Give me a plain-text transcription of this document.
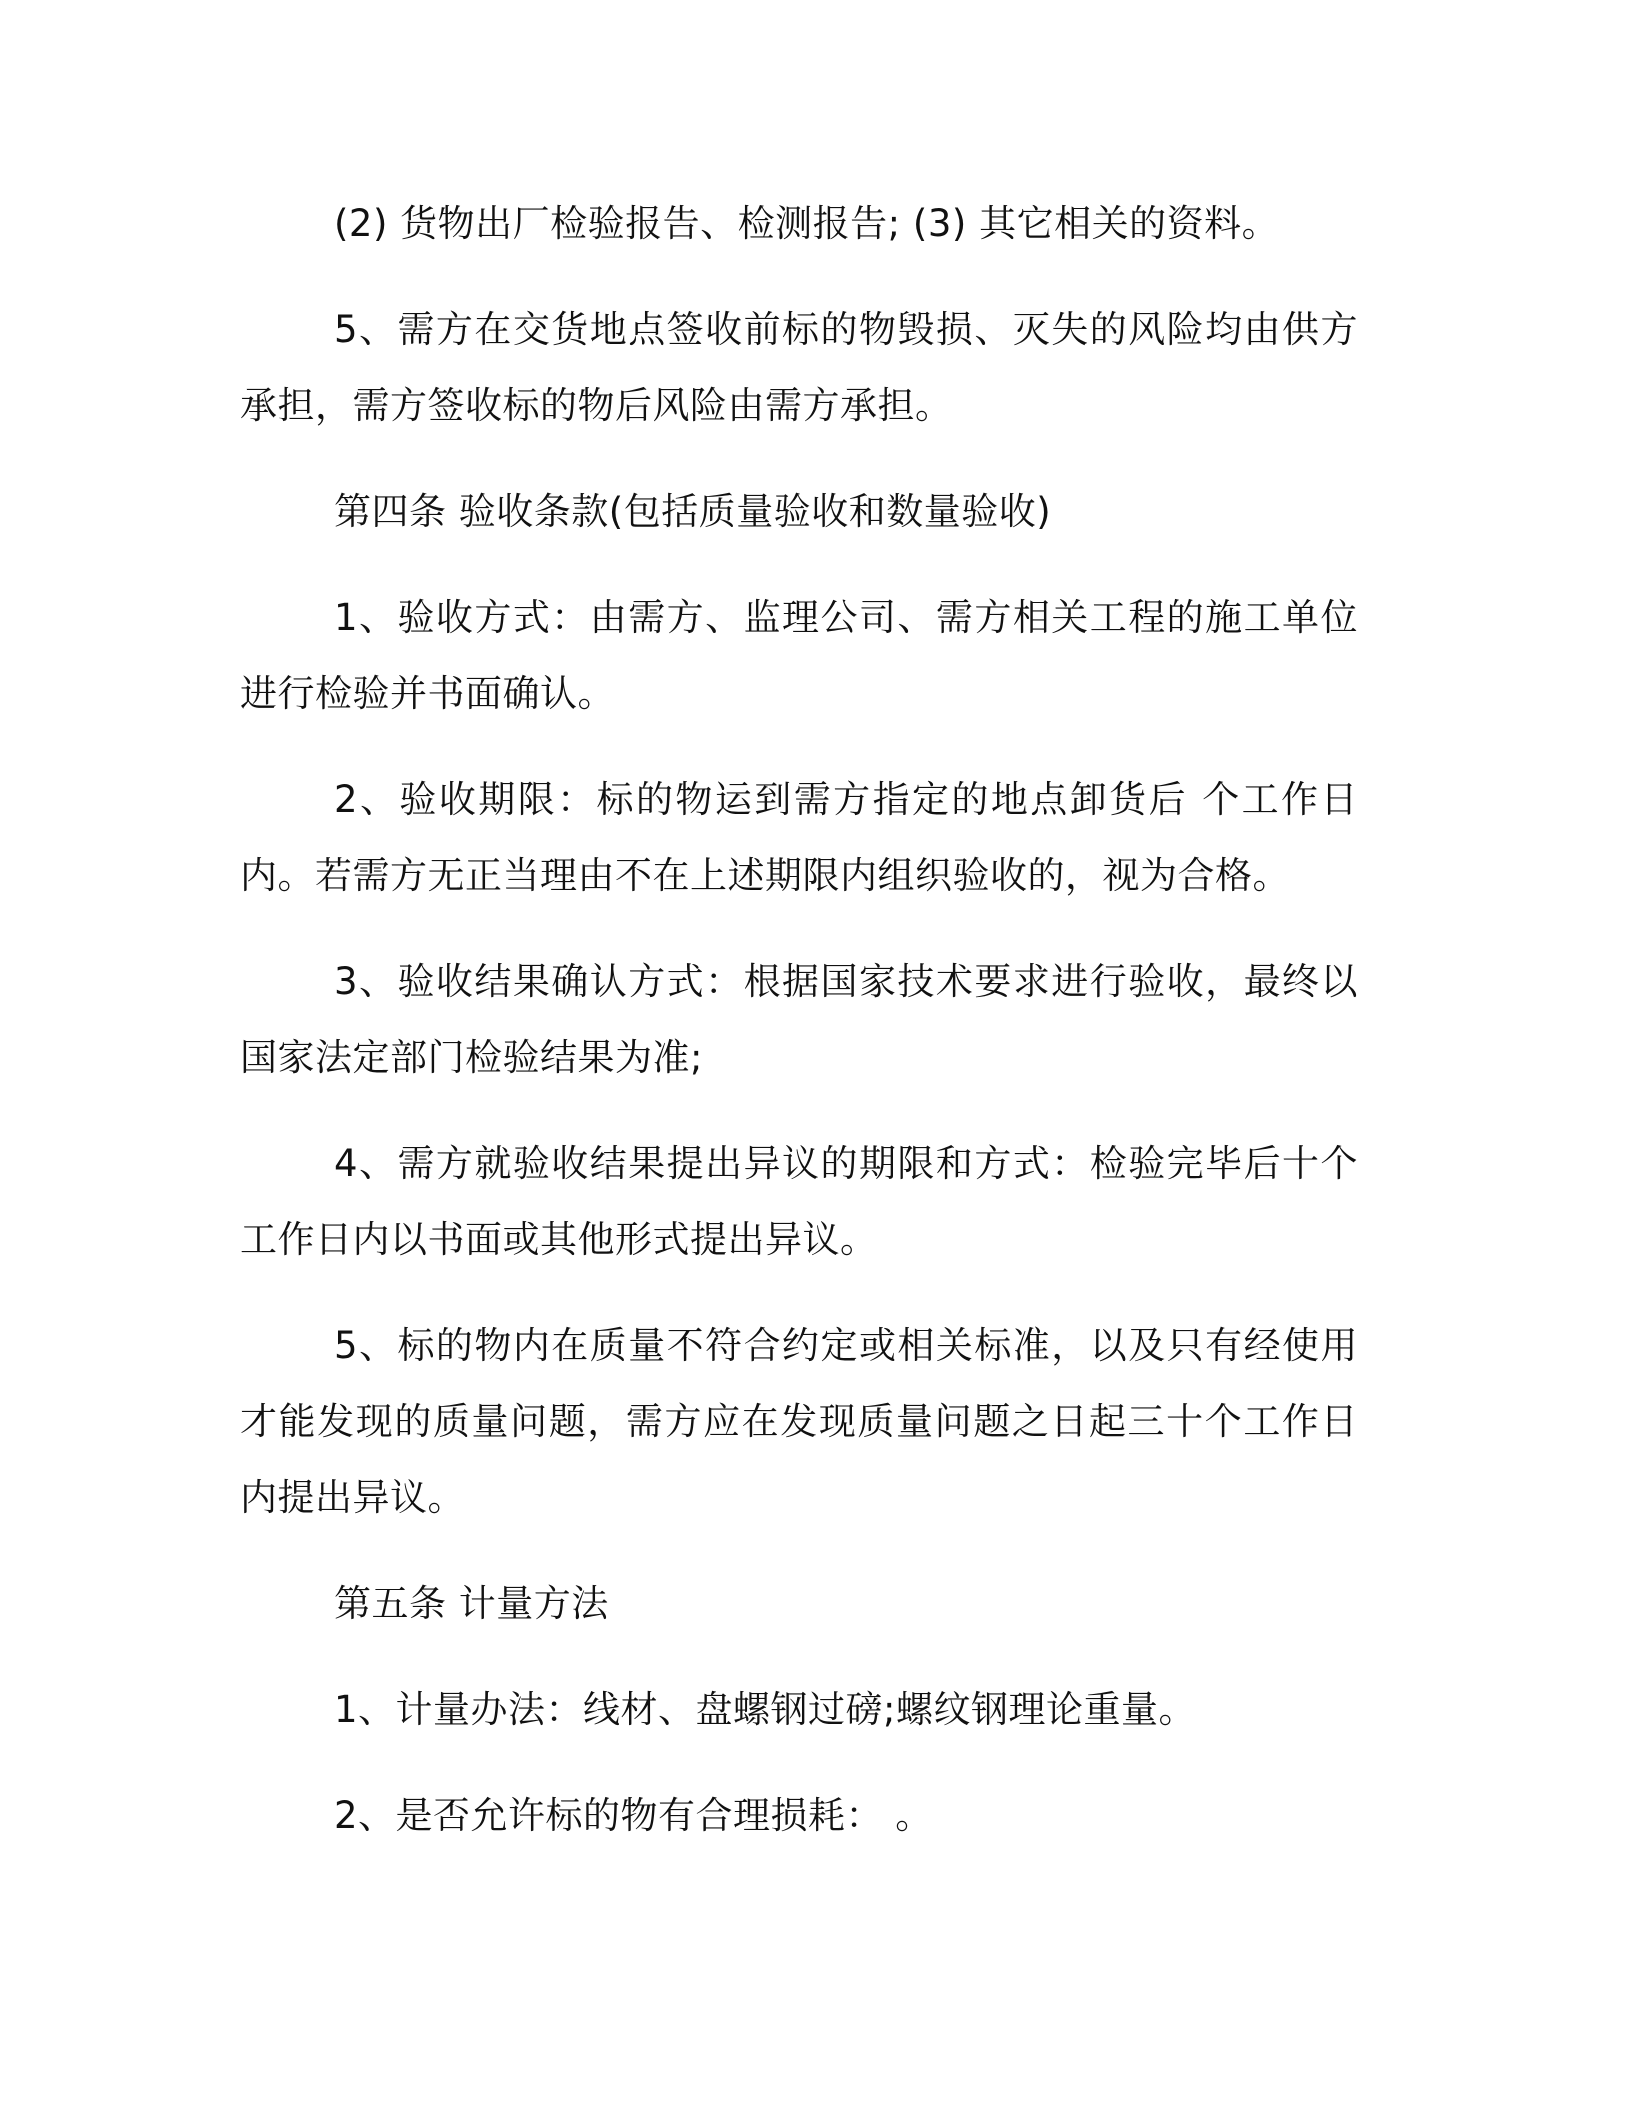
(2) 货物出厂检验报告、检测报告; (3) 其它相关的资料。

5、需方在交货地点签收前标的物毁损、灭失的风险均由供方承担，需方签收标的物后风险由需方承担。

第四条 验收条款(包括质量验收和数量验收)

1、验收方式：由需方、监理公司、需方相关工程的施工单位进行检验并书面确认。

2、验收期限：标的物运到需方指定的地点卸货后 个工作日内。若需方无正当理由不在上述期限内组织验收的，视为合格。

3、验收结果确认方式：根据国家技术要求进行验收，最终以国家法定部门检验结果为准;

4、需方就验收结果提出异议的期限和方式：检验完毕后十个工作日内以书面或其他形式提出异议。

5、标的物内在质量不符合约定或相关标准，以及只有经使用才能发现的质量问题，需方应在发现质量问题之日起三十个工作日内提出异议。

第五条 计量方法

1、计量办法：线材、盘螺钢过磅;螺纹钢理论重量。

2、是否允许标的物有合理损耗： 。
